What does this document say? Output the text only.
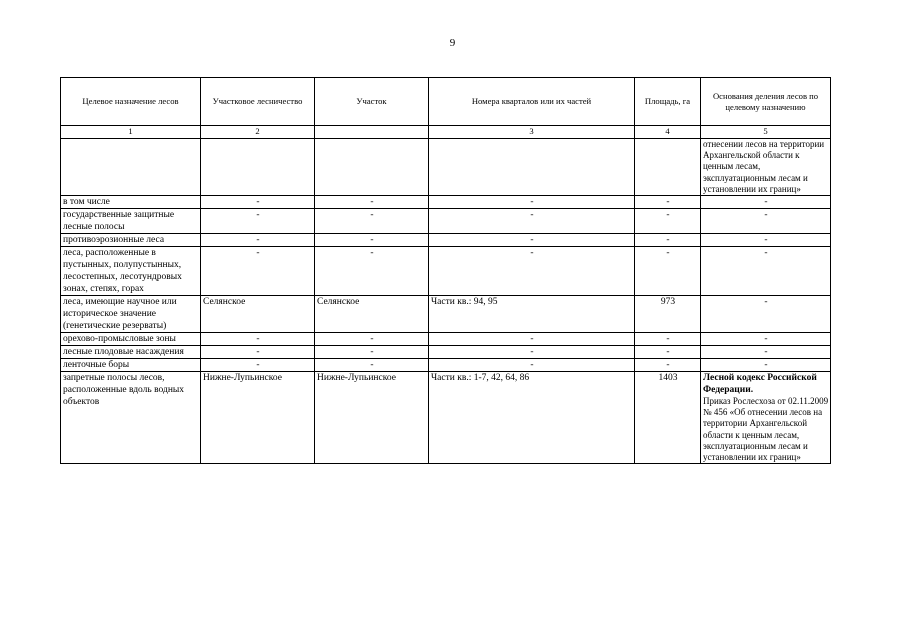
9
Целевое назначение лесов	Участковое лесничество	Участок	Номера кварталов или их частей	Площадь, га	Основания деления лесов по целевому назначению
1	2		3	4	5
					отнесении лесов на территории Архангельской области к ценным лесам, эксплуатационным лесам и установлении их границ»
в том числе	-	-	-	-	-
государственные защитные лесные полосы	-	-	-	-	-
противоэрозионные леса	-	-	-	-	-
леса, расположенные в пустынных, полупустынных, лесостепных, лесотундровых зонах, степях, горах	-	-	-	-	-
леса, имеющие научное или историческое значение (генетические резерваты)	Селянское	Селянское	Части кв.: 94, 95	973	-
орехово-промысловые зоны	-	-	-	-	-
лесные плодовые насаждения	-	-	-	-	-
ленточные боры	-	-	-	-	-
запретные полосы лесов, расположенные вдоль водных объектов	Нижне-Лупьинское	Нижне-Лупьинское	Части кв.: 1-7, 42, 64, 86	1403	Лесной кодекс Российской Федерации.
Приказ Рослесхоза от 02.11.2009 № 456 «Об отнесении лесов на территории Архангельской области к ценным лесам, эксплуатационным лесам и установлении их границ»
